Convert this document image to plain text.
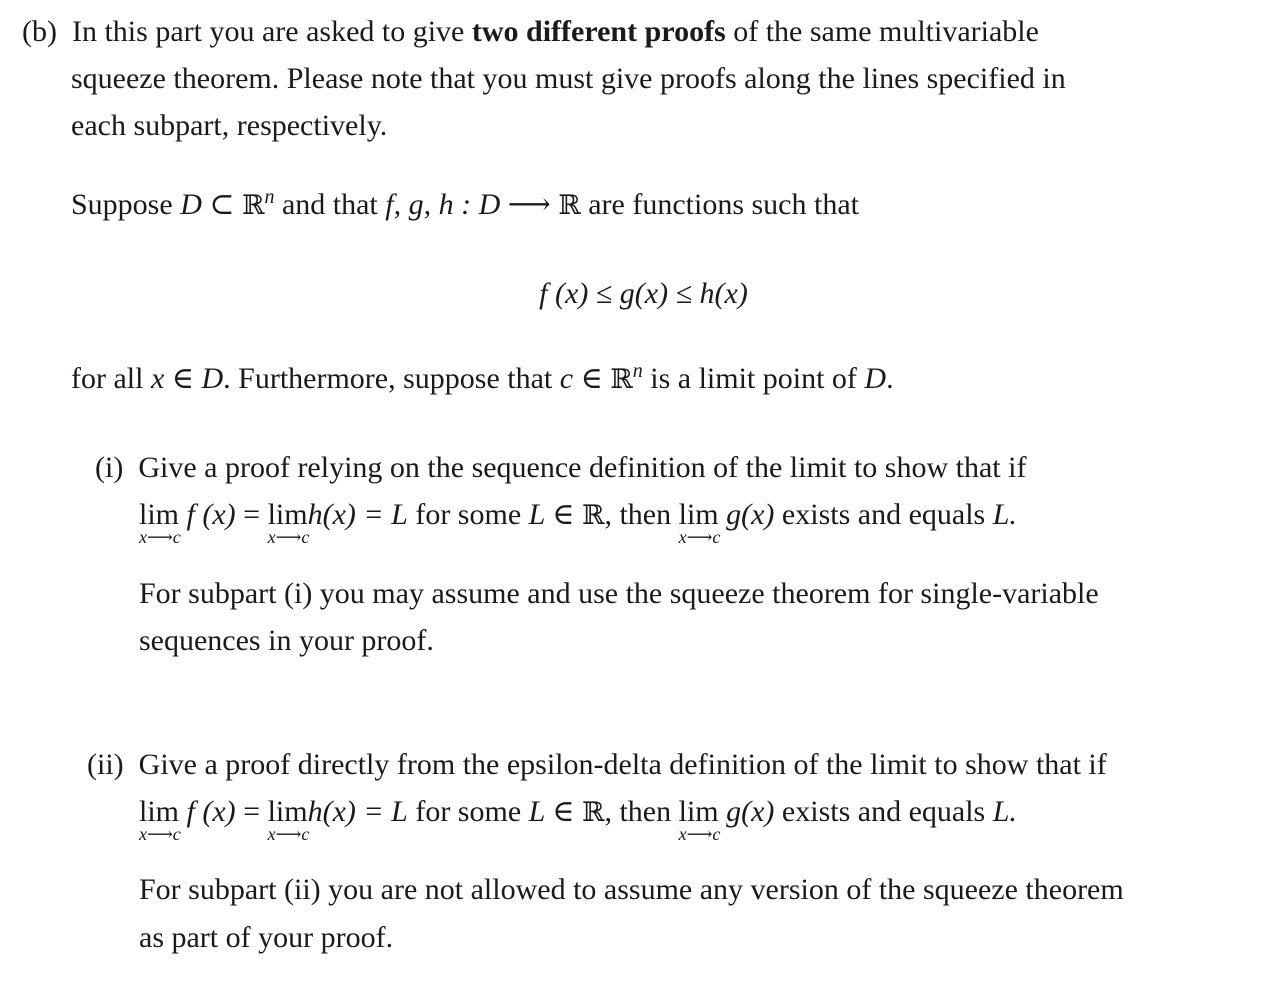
(b) In this part you are asked to give two different proofs of the same multivariable
squeeze theorem. Please note that you must give proofs along the lines specified in
each subpart, respectively.
Suppose D ⊂ ℝ$^n$ and that f, g, h : D ⟶ ℝ are functions such that
f (x) ≤ g(x) ≤ h(x)
for all x ∈ D. Furthermore, suppose that c ∈ ℝ$^n$ is a limit point of D.
(i) Give a proof relying on the sequence definition of the limit to show that if
lim
x⟶c
f (x) = lim
x⟶c
h(x) = L for some L ∈ ℝ, then lim
x⟶c
g(x) exists and equals L.
For subpart (i) you may assume and use the squeeze theorem for single-variable
sequences in your proof.
(ii) Give a proof directly from the epsilon-delta definition of the limit to show that if
lim
x⟶c
f (x) = lim
x⟶c
h(x) = L for some L ∈ ℝ, then lim
x⟶c
g(x) exists and equals L.
For subpart (ii) you are not allowed to assume any version of the squeeze theorem
as part of your proof.
